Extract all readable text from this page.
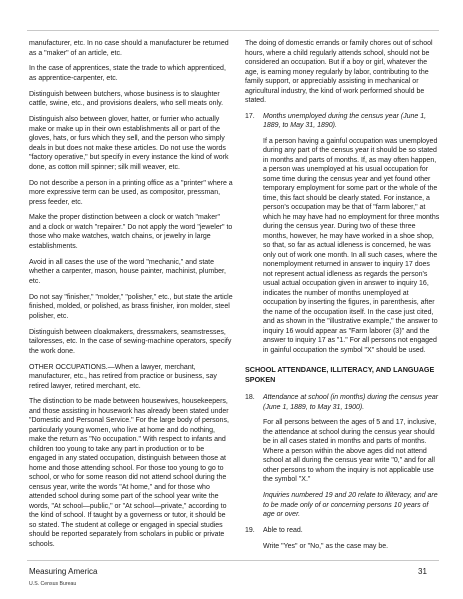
manufacturer, etc. In no case should a manufacturer be returned as a "maker" of an article, etc.

In the case of apprentices, state the trade to which apprenticed, as apprentice-carpenter, etc.

Distinguish between butchers, whose business is to slaughter cattle, swine, etc., and provisions dealers, who sell meats only.

Distinguish also between glover, hatter, or furrier who actually make or make up in their own establishments all or part of the gloves, hats, or furs which they sell, and the person who simply deals in but does not make these articles. Do not use the words "factory operative," but specify in every instance the kind of work done, as cotton mill spinner; silk mill weaver, etc.

Do not describe a person in a printing office as a "printer" where a more expressive term can be used, as compositor, pressman, press feeder, etc.

Make the proper distinction between a clock or watch "maker" and a clock or watch "repairer." Do not apply the word "jeweler" to those who make watches, watch chains, or jewelry in large establishments.

Avoid in all cases the use of the word "mechanic," and state whether a carpenter, mason, house painter, machinist, plumber, etc.

Do not say "finisher," "molder," "polisher," etc., but state the article finished, molded, or polished, as brass finisher, iron molder, steel polisher, etc.

Distinguish between cloakmakers, dressmakers, seamstresses, tailoresses, etc. In the case of sewing-machine operators, specify the work done.

OTHER OCCUPATIONS.—When a lawyer, merchant, manufacturer, etc., has retired from practice or business, say retired lawyer, retired merchant, etc.

The distinction to be made between housewives, housekeepers, and those assisting in housework has already been stated under "Domestic and Personal Service." For the large body of persons, particularly young women, who live at home and do nothing, make the return as "No occupation." With respect to infants and children too young to take any part in production or to be engaged in any stated occupation, distinguish between those at home and those attending school. For those too young to go to school, or who for some reason did not attend school during the census year, write the words "At home," and for those who attended school during some part of the school year write the words, "At school—public," or "At school—private," according to the kind of school. If taught by a governess or tutor, it should be so stated. The student at college or engaged in special studies should be reported separately from scholars in public or private schools.

The doing of domestic errands or family chores out of school hours, where a child regularly attends school, should not be considered an occupation. But if a boy or girl, whatever the age, is earning money regularly by labor, contributing to the family support, or appreciably assisting in mechanical or agricultural industry, the kind of work performed should be stated.

17.	Months unemployed during the census year (June 1, 1889, to May 31, 1890).

If a person having a gainful occupation was unemployed during any part of the census year it should be so stated in months and parts of months. If, as may often happen, a person was unemployed at his usual occupation for some time during the census year and yet found other temporary employment for some part or the whole of the time, this fact should be clearly stated. For instance, a person's occupation may be that of "farm laborer," at which he may have had no employment for three months during the census year. During two of these three months, however, he may have worked in a shoe shop, so that, so far as actual idleness is concerned, he was only out of work one month. In all such cases, where the nonemployment returned in answer to inquiry 17 does not represent actual idleness as regards the person's usual actual occupation given in answer to inquiry 16, indicates the number of months unemployed at occupation by inserting the figures, in parenthesis, after the name of the occupation itself. In the case just cited, and as shown in the "illustrative example," the answer to inquiry 16 would appear as "Farm laborer (3)" and the answer to inquiry 17 as "1." For all persons not engaged in gainful occupation the symbol "X" should be used.

SCHOOL ATTENDANCE, ILLITERACY, AND LANGUAGE SPOKEN
18.	Attendance at school (in months) during the census year (June 1, 1889, to May 31, 1900).

For all persons between the ages of 5 and 17, inclusive, the attendance at school during the census year should be in all cases stated in months and parts of months. Where a person within the above ages did not attend school at all during the census year write "0," and for all other persons to whom the inquiry is not applicable use the symbol "X."

Inquiries numbered 19 and 20 relate to illiteracy, and are to be made only of or concerning persons 10 years of age or over.

19.	Able to read.

Write "Yes" or "No," as the case may be.

Measuring America
U.S. Census Bureau
31
